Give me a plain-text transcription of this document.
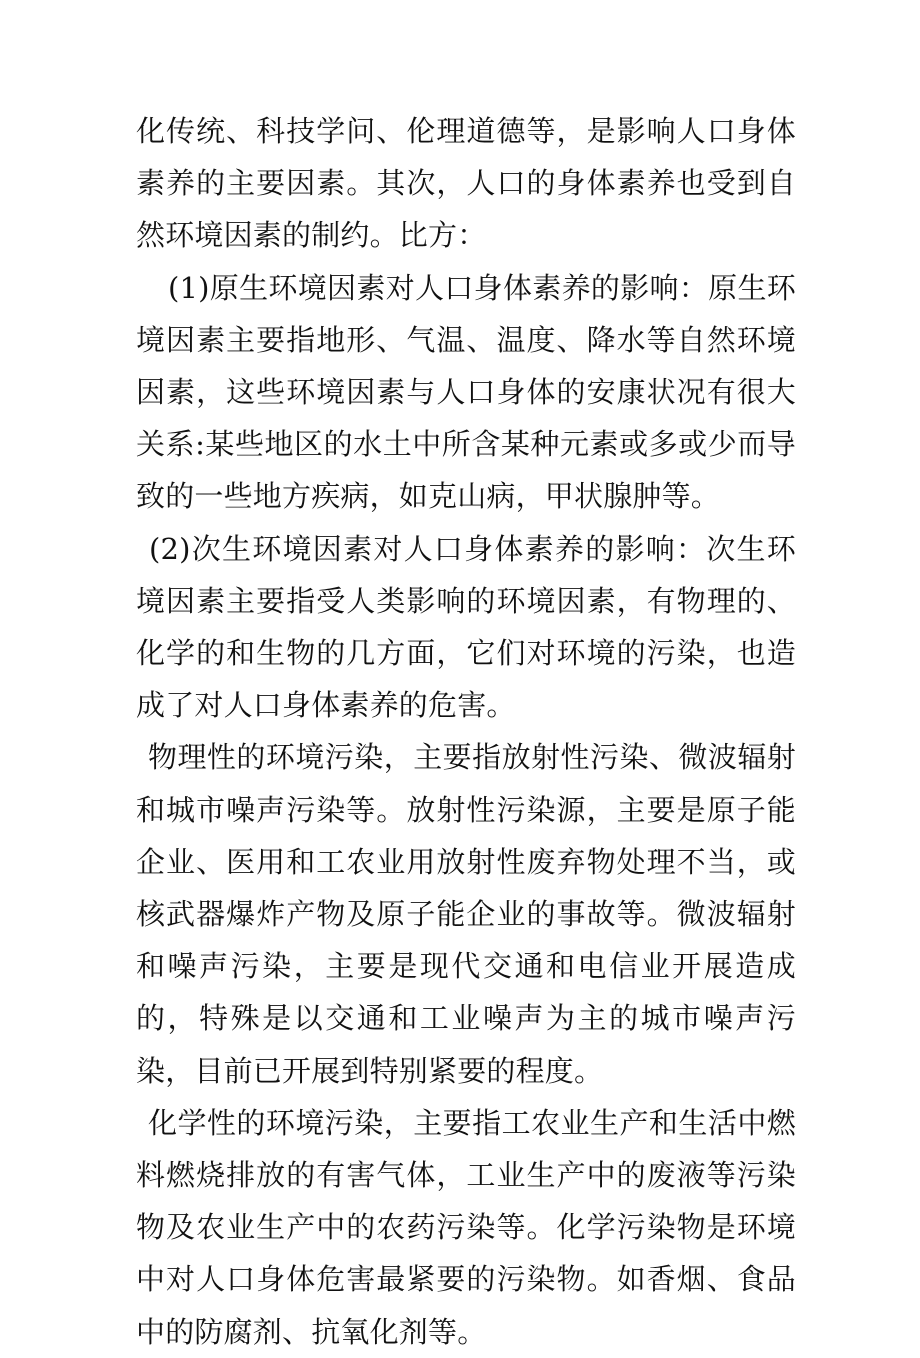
化传统、科技学问、伦理道德等，是影响人口身体素养的主要因素。其次，人口的身体素养也受到自然环境因素的制约。比方：

(1)原生环境因素对人口身体素养的影响：原生环境因素主要指地形、气温、温度、降水等自然环境因素，这些环境因素与人口身体的安康状况有很大关系:某些地区的水土中所含某种元素或多或少而导致的一些地方疾病，如克山病，甲状腺肿等。

(2)次生环境因素对人口身体素养的影响：次生环境因素主要指受人类影响的环境因素，有物理的、化学的和生物的几方面，它们对环境的污染，也造成了对人口身体素养的危害。

物理性的环境污染，主要指放射性污染、微波辐射和城市噪声污染等。放射性污染源，主要是原子能企业、医用和工农业用放射性废弃物处理不当，或核武器爆炸产物及原子能企业的事故等。微波辐射和噪声污染，主要是现代交通和电信业开展造成的，特殊是以交通和工业噪声为主的城市噪声污染，目前已开展到特别紧要的程度。

化学性的环境污染，主要指工农业生产和生活中燃料燃烧排放的有害气体，工业生产中的废液等污染物及农业生产中的农药污染等。化学污染物是环境中对人口身体危害最紧要的污染物。如香烟、食品中的防腐剂、抗氧化剂等。
